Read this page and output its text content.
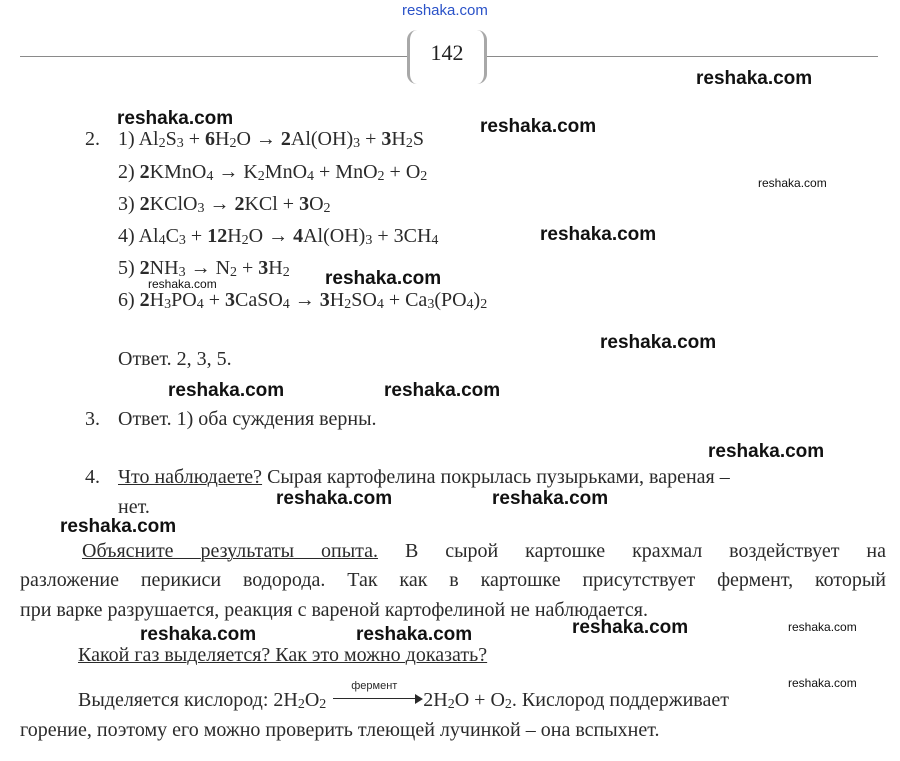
reshaka.com
142
2. 1) $Al_2S_3 + 6H_2O \to 2Al(OH)_3 + 3H_2S$
2) 2KMnO$_4$ → $K_2MnO_4 + MnO_2 + O_2$
3) 2KClO$_3$ → $2KCl + 3O_2$
4) $Al_4C_3 + 12H_2O \to 4Al(OH)_3 + 3CH_4$
5) $2NH_3 \to N_2 + 3H_2$
6) $2H_3PO_4$ + 3CaSO$_4$ → $3H_2SO_4 + Ca_3(PO_4)_2$
Ответ. 2, 3, 5.
3. Ответ. 1) оба суждения верны.
4. Что наблюдаете? Сырая картофелина покрылась пузырьками, вареная –
нет.
Объясните результаты опыта. В сырой картошке крахмал воздействует на
разложение перикиси водорода. Так как в картошке присутствует фермент, который
при варке разрушается, реакция с вареной картофелиной не наблюдается.
Какой газ выделяется? Как это можно доказать?
Выделяется кислород: $2H_2O_2$
фермент
$2H_2O + O_2$. Кислород поддерживает
горение, поэтому его можно проверить тлеющей лучинкой – она вспыхнет.
reshaka.com
reshaka.com	reshaka.com
reshaka.com
reshaka.com
reshaka.com
reshaka.com
reshaka.com
reshaka.com	reshaka.com
reshaka.com
reshaka.com	reshaka.com
reshaka.com
reshaka.com	reshaka.com
reshaka.com	reshaka.com
reshaka.com
